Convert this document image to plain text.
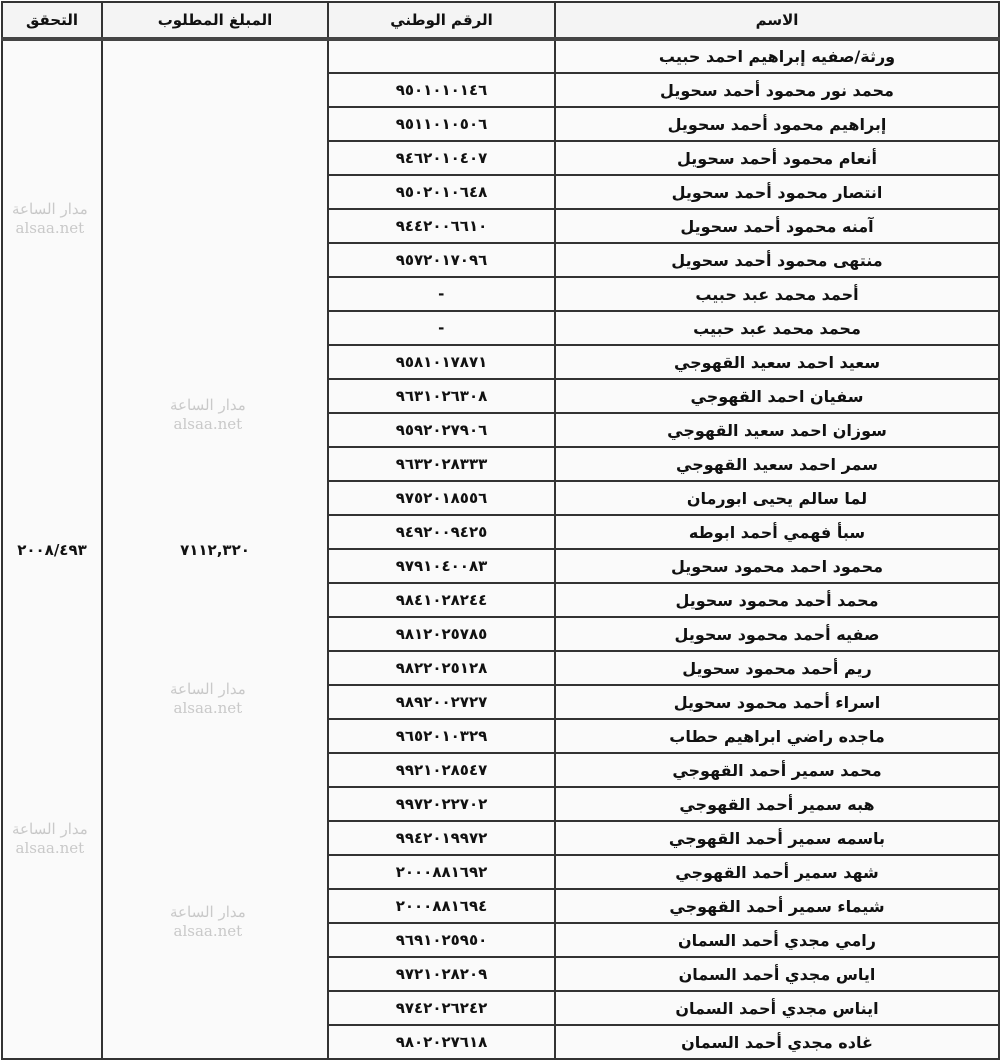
الاسم	الرقم الوطني	المبلغ المطلوب	التحقق
ورثة/صفيه إبراهيم احمد حبيب		٧١١٢,٣٢٠	٢٠٠٨/٤٩٣
محمد نور محمود أحمد سحويل	٩٥٠١٠١٠١٤٦		
إبراهيم محمود أحمد سحويل	٩٥١١٠١٠٥٠٦		
أنعام محمود أحمد سحويل	٩٤٦٢٠١٠٤٠٧		
انتصار محمود أحمد سحويل	٩٥٠٢٠١٠٦٤٨		
آمنه محمود أحمد سحويل	٩٤٤٢٠٠٦٦١٠		
منتهى محمود أحمد سحويل	٩٥٧٢٠١٧٠٩٦		
أحمد محمد عبد حبيب	-		
محمد محمد عبد حبيب	-		
سعيد احمد سعيد القهوجي	٩٥٨١٠١٧٨٧١		
سفيان احمد القهوجي	٩٦٣١٠٢٦٣٠٨		
سوزان احمد سعيد القهوجي	٩٥٩٢٠٢٧٩٠٦		
سمر احمد سعيد القهوجي	٩٦٣٢٠٢٨٣٣٣		
لما سالم يحيى ابورمان	٩٧٥٢٠١٨٥٥٦		
سبأ فهمي أحمد ابوطه	٩٤٩٢٠٠٩٤٢٥		
محمود احمد محمود سحويل	٩٧٩١٠٤٠٠٨٣		
محمد أحمد محمود سحويل	٩٨٤١٠٢٨٢٤٤		
صفيه أحمد محمود سحويل	٩٨١٢٠٢٥٧٨٥		
ريم أحمد محمود سحويل	٩٨٢٢٠٢٥١٢٨		
اسراء أحمد محمود سحويل	٩٨٩٢٠٠٢٧٢٧		
ماجده راضي ابراهيم حطاب	٩٦٥٢٠١٠٣٢٩		
محمد سمير أحمد القهوجي	٩٩٢١٠٢٨٥٤٧		
هبه سمير أحمد القهوجي	٩٩٧٢٠٢٢٧٠٢		
باسمه سمير أحمد القهوجي	٩٩٤٢٠١٩٩٧٢		
شهد سمير أحمد القهوجي	٢٠٠٠٨٨١٦٩٢		
شيماء سمير أحمد القهوجي	٢٠٠٠٨٨١٦٩٤		
رامي مجدي أحمد السمان	٩٦٩١٠٢٥٩٥٠		
اياس مجدي أحمد السمان	٩٧٢١٠٢٨٢٠٩		
ايناس مجدي أحمد السمان	٩٧٤٢٠٢٦٢٤٢		
غاده مجدي أحمد السمان	٩٨٠٢٠٢٧٦١٨		
مدار الساعة
alsaa.net
مدار الساعة
alsaa.net
مدار الساعة
alsaa.net
مدار الساعة
alsaa.net
مدار الساعة
alsaa.net
